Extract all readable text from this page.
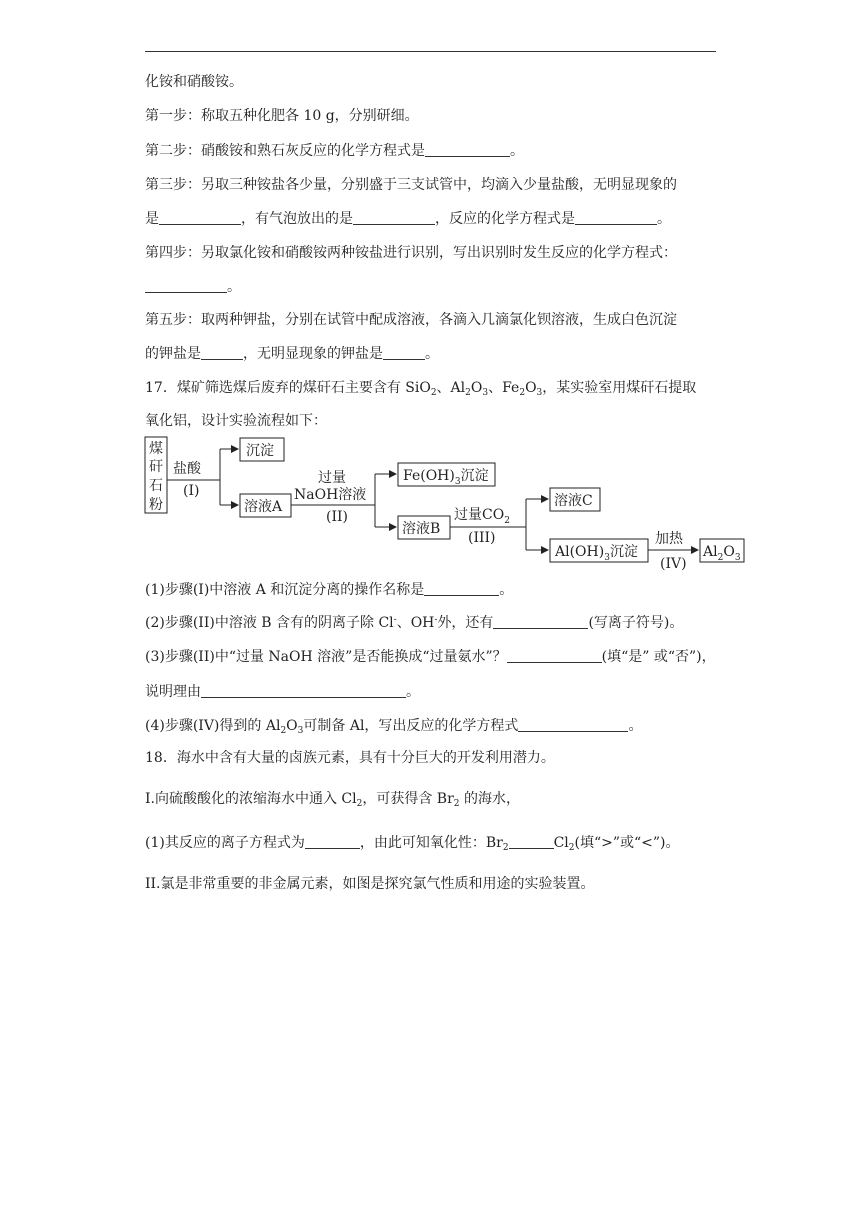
化铵和硝酸铵。
第一步：称取五种化肥各 10 g，分别研细。
第二步：硝酸铵和熟石灰反应的化学方程式是	。
第三步：另取三种铵盐各少量，分别盛于三支试管中，均滴入少量盐酸，无明显现象的
是	，有气泡放出的是	，反应的化学方程式是	。
第四步：另取氯化铵和硝酸铵两种铵盐进行识别，写出识别时发生反应的化学方程式：
。
第五步：取两种钾盐，分别在试管中配成溶液，各滴入几滴氯化钡溶液，生成白色沉淀
的钾盐是	，无明显现象的钾盐是	。
17．煤矿筛选煤后废弃的煤矸石主要含有 SiO$_2$、$Al_2O_3$、$Fe_2O_3$，某实验室用煤矸石提取
氧化铝，设计实验流程如下：
煤
矸
石
粉
盐酸
(I)
沉淀
溶液A
过量
NaOH溶液
(II)
$Fe(OH)_3$沉淀
溶液B
过量$CO_2$
(III)
溶液C
$Al(OH)_3$沉淀
加热
(IV)
$Al_2O_3$
(1)步骤(I)中溶液 A 和沉淀分离的操作名称是	。
(2)步骤(II)中溶液 B 含有的阴离子除 Cl-、OH-外，还有	(写离子符号)。
(3)步骤(II)中“过量 NaOH 溶液”是否能换成“过量氨水”？	(填“是” 或“否”)，
说明理由	。
(4)步骤(IV)得到的 $Al_2O_3$可制备 Al，写出反应的化学方程式	。
18．海水中含有大量的卤族元素，具有十分巨大的开发利用潜力。
I.向硫酸酸化的浓缩海水中通入 $Cl_2$，可获得含 $Br_2$ 的海水，
(1)其反应的离子方程式为	，由此可知氧化性：$Br_2$	$Cl_2$(填“>”或“<”)。
II.氯是非常重要的非金属元素，如图是探究氯气性质和用途的实验装置。
